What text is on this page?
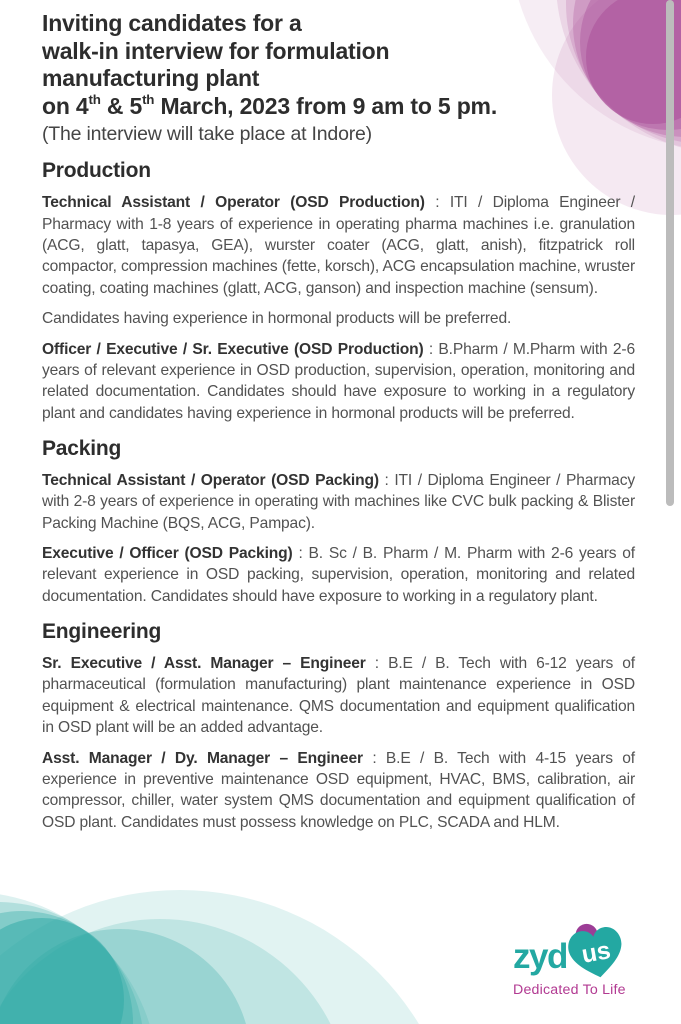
Inviting candidates for a
walk-in interview for formulation
manufacturing plant
on 4th & 5th March, 2023 from 9 am to 5 pm.

(The interview will take place at Indore)

Production

Technical Assistant / Operator (OSD Production) : ITI / Diploma Engineer / Pharmacy with 1-8 years of experience in operating pharma machines i.e. granulation (ACG, glatt, tapasya, GEA), wurster coater (ACG, glatt, anish), fitzpatrick roll compactor, compression machines (fette, korsch), ACG encapsulation machine, wruster coating, coating machines (glatt, ACG, ganson) and inspection machine (sensum).

Candidates having experience in hormonal products will be preferred.

Officer / Executive / Sr. Executive (OSD Production) : B.Pharm / M.Pharm with 2-6 years of relevant experience in OSD production, supervision, operation, monitoring and related documentation. Candidates should have exposure to working in a regulatory plant and candidates having experience in hormonal products will be preferred.

Packing

Technical Assistant / Operator (OSD Packing) : ITI / Diploma Engineer / Pharmacy with 2-8 years of experience in operating with machines like CVC bulk packing & Blister Packing Machine (BQS, ACG, Pampac).

Executive / Officer (OSD Packing) : B. Sc / B. Pharm / M. Pharm with 2-6 years of relevant experience in OSD packing, supervision, operation, monitoring and related documentation. Candidates should have exposure to working in a regulatory plant.

Engineering

Sr. Executive / Asst. Manager – Engineer : B.E / B. Tech with 6-12 years of pharmaceutical (formulation manufacturing) plant maintenance experience in OSD equipment & electrical maintenance. QMS documentation and equipment qualification in OSD plant will be an added advantage.

Asst. Manager / Dy. Manager – Engineer : B.E / B. Tech with 4-15 years of experience in preventive maintenance OSD equipment, HVAC, BMS, calibration, air compressor, chiller, water system QMS documentation and equipment qualification of OSD plant. Candidates must possess knowledge on PLC, SCADA and HLM.

zyd us
Dedicated To Life
